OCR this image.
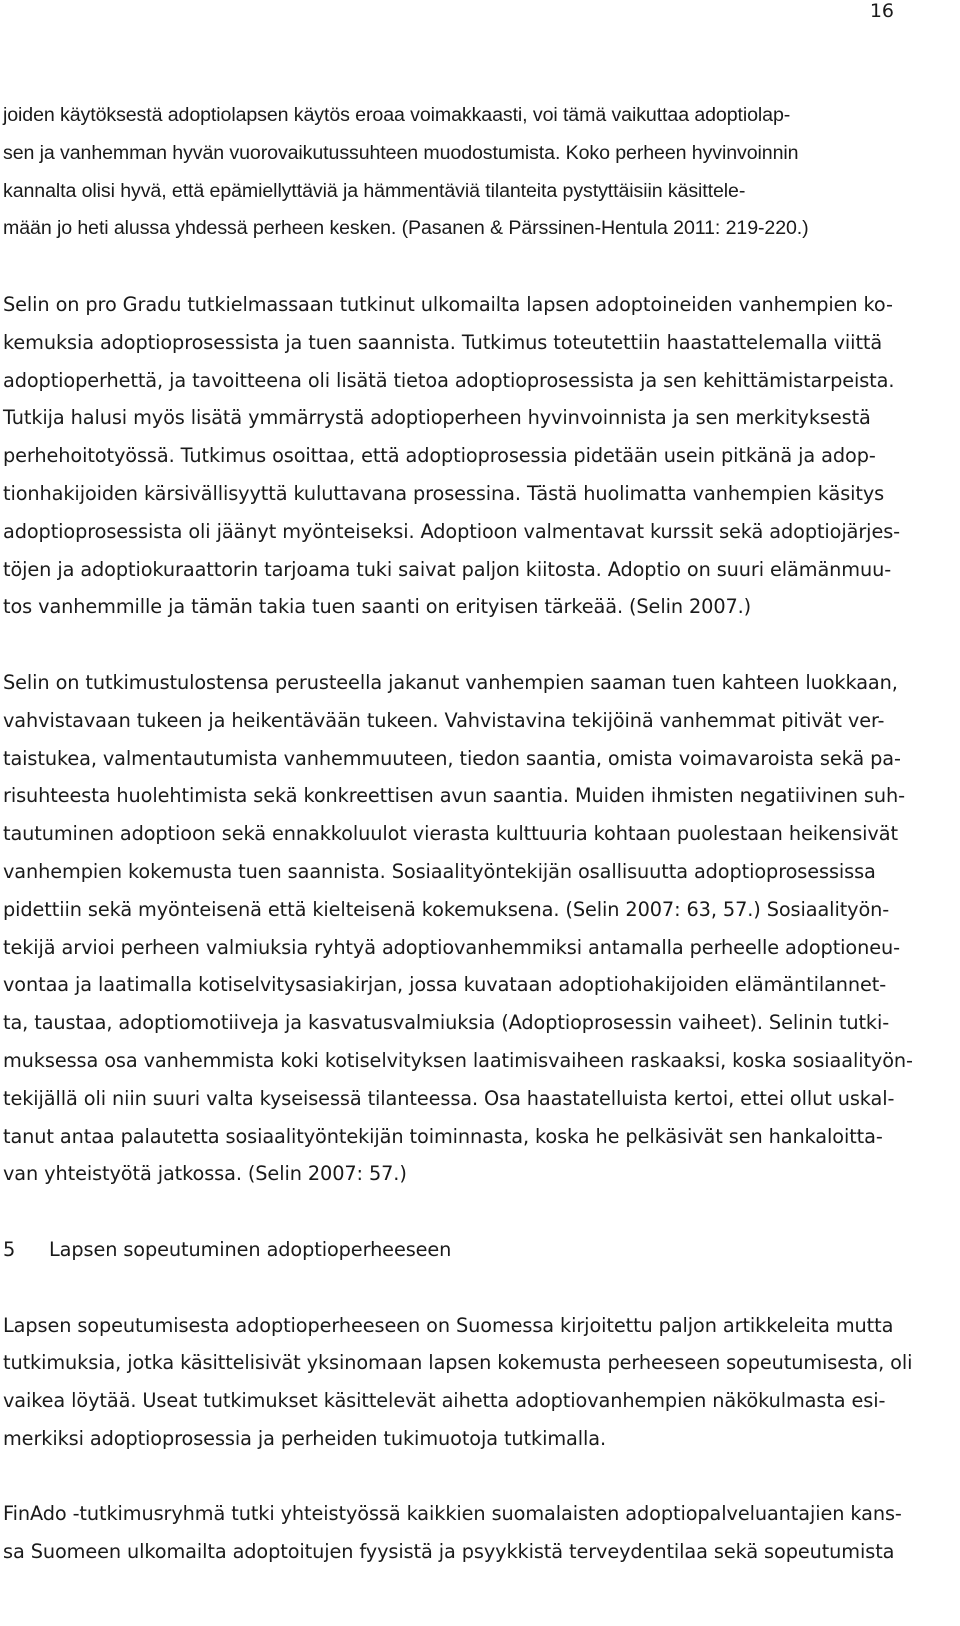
16
joiden käytöksestä adoptiolapsen käytös eroaa voimakkaasti, voi tämä vaikuttaa adoptiolap-
sen ja vanhemman hyvän vuorovaikutussuhteen muodostumista. Koko perheen hyvinvoinnin
kannalta olisi hyvä, että epämiellyttäviä ja hämmentäviä tilanteita pystyttäisiin käsittele-
mään jo heti alussa yhdessä perheen kesken. (Pasanen & Pärssinen-Hentula 2011: 219-220.)
Selin on pro Gradu tutkielmassaan tutkinut ulkomailta lapsen adoptoineiden vanhempien ko-
kemuksia adoptioprosessista ja tuen saannista. Tutkimus toteutettiin haastattelemalla viittä
adoptioperhettä, ja tavoitteena oli lisätä tietoa adoptioprosessista ja sen kehittämistarpeista.
Tutkija halusi myös lisätä ymmärrystä adoptioperheen hyvinvoinnista ja sen merkityksestä
perhehoitotyössä. Tutkimus osoittaa, että adoptioprosessia pidetään usein pitkänä ja adop-
tionhakijoiden kärsivällisyyttä kuluttavana prosessina. Tästä huolimatta vanhempien käsitys
adoptioprosessista oli jäänyt myönteiseksi. Adoptioon valmentavat kurssit sekä adoptiojärjes-
töjen ja adoptiokuraattorin tarjoama tuki saivat paljon kiitosta. Adoptio on suuri elämänmuu-
tos vanhemmille ja tämän takia tuen saanti on erityisen tärkeää. (Selin 2007.)
Selin on tutkimustulostensa perusteella jakanut vanhempien saaman tuen kahteen luokkaan,
vahvistavaan tukeen ja heikentävään tukeen. Vahvistavina tekijöinä vanhemmat pitivät ver-
taistukea, valmentautumista vanhemmuuteen, tiedon saantia, omista voimavaroista sekä pa-
risuhteesta huolehtimista sekä konkreettisen avun saantia. Muiden ihmisten negatiivinen suh-
tautuminen adoptioon sekä ennakkoluulot vierasta kulttuuria kohtaan puolestaan heikensivät
vanhempien kokemusta tuen saannista. Sosiaalityöntekijän osallisuutta adoptioprosessissa
pidettiin sekä myönteisenä että kielteisenä kokemuksena. (Selin 2007: 63, 57.) Sosiaalityön-
tekijä arvioi perheen valmiuksia ryhtyä adoptiovanhemmiksi antamalla perheelle adoptioneu-
vontaa ja laatimalla kotiselvitysasiakirjan, jossa kuvataan adoptiohakijoiden elämäntilannet-
ta, taustaa, adoptiomotiiveja ja kasvatusvalmiuksia (Adoptioprosessin vaiheet). Selinin tutki-
muksessa osa vanhemmista koki kotiselvityksen laatimisvaiheen raskaaksi, koska sosiaalityön-
tekijällä oli niin suuri valta kyseisessä tilanteessa. Osa haastatelluista kertoi, ettei ollut uskal-
tanut antaa palautetta sosiaalityöntekijän toiminnasta, koska he pelkäsivät sen hankaloitta-
van yhteistyötä jatkossa. (Selin 2007: 57.)
5 Lapsen sopeutuminen adoptioperheeseen
Lapsen sopeutumisesta adoptioperheeseen on Suomessa kirjoitettu paljon artikkeleita mutta
tutkimuksia, jotka käsittelisivät yksinomaan lapsen kokemusta perheeseen sopeutumisesta, oli
vaikea löytää. Useat tutkimukset käsittelevät aihetta adoptiovanhempien näkökulmasta esi-
merkiksi adoptioprosessia ja perheiden tukimuotoja tutkimalla.
FinAdo -tutkimusryhmä tutki yhteistyössä kaikkien suomalaisten adoptiopalveluantajien kans-
sa Suomeen ulkomailta adoptoitujen fyysistä ja psyykkistä terveydentilaa sekä sopeutumista
